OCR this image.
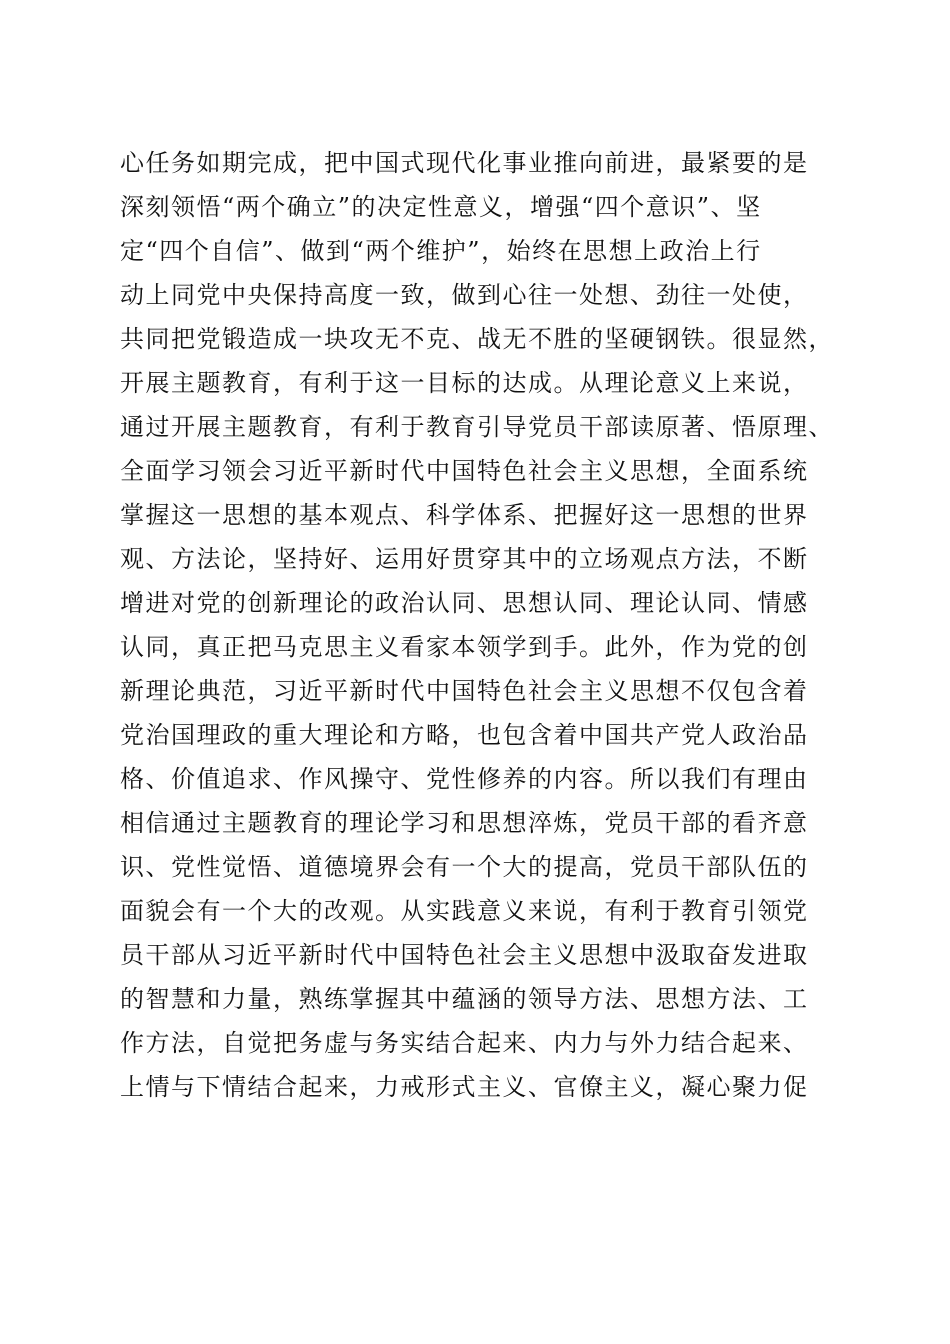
心任务如期完成，把中国式现代化事业推向前进，最紧要的是
深刻领悟“两个确立”的决定性意义，增强“四个意识”、坚
定“四个自信”、做到“两个维护”，始终在思想上政治上行
动上同党中央保持高度一致，做到心往一处想、劲往一处使，
共同把党锻造成一块攻无不克、战无不胜的坚硬钢铁。很显然，
开展主题教育，有利于这一目标的达成。从理论意义上来说，
通过开展主题教育，有利于教育引导党员干部读原著、悟原理、
全面学习领会习近平新时代中国特色社会主义思想，全面系统
掌握这一思想的基本观点、科学体系、把握好这一思想的世界
观、方法论，坚持好、运用好贯穿其中的立场观点方法，不断
增进对党的创新理论的政治认同、思想认同、理论认同、情感
认同，真正把马克思主义看家本领学到手。此外，作为党的创
新理论典范，习近平新时代中国特色社会主义思想不仅包含着
党治国理政的重大理论和方略，也包含着中国共产党人政治品
格、价值追求、作风操守、党性修养的内容。所以我们有理由
相信通过主题教育的理论学习和思想淬炼，党员干部的看齐意
识、党性觉悟、道德境界会有一个大的提高，党员干部队伍的
面貌会有一个大的改观。从实践意义来说，有利于教育引领党
员干部从习近平新时代中国特色社会主义思想中汲取奋发进取
的智慧和力量，熟练掌握其中蕴涵的领导方法、思想方法、工
作方法，自觉把务虚与务实结合起来、内力与外力结合起来、
上情与下情结合起来，力戒形式主义、官僚主义，凝心聚力促
